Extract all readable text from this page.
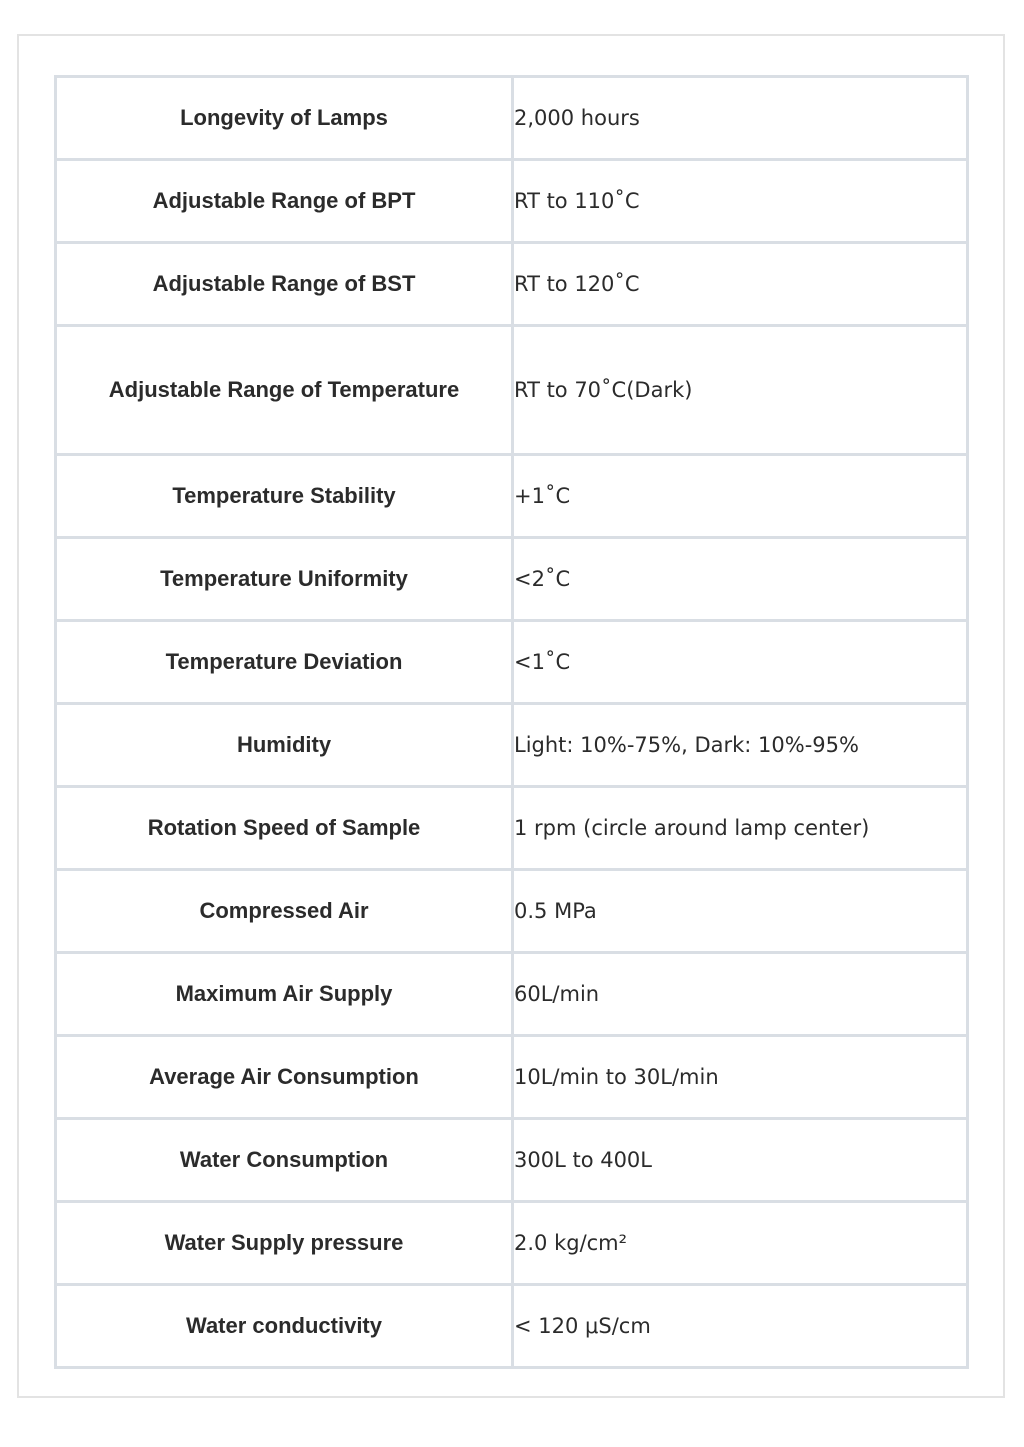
Longevity of Lamps	2,000 hours
Adjustable Range of BPT	RT to 110˚C
Adjustable Range of BST	RT to 120˚C
Adjustable Range of Temperature	RT to 70˚C(Dark)
Temperature Stability	+1˚C
Temperature Uniformity	<2˚C
Temperature Deviation	<1˚C
Humidity	Light: 10%-75%, Dark: 10%-95%
Rotation Speed of Sample	1 rpm (circle around lamp center)
Compressed Air	0.5 MPa
Maximum Air Supply	60L/min
Average Air Consumption	10L/min to 30L/min
Water Consumption	300L to 400L
Water Supply pressure	2.0 kg/cm²
Water conductivity	< 120 μS/cm
